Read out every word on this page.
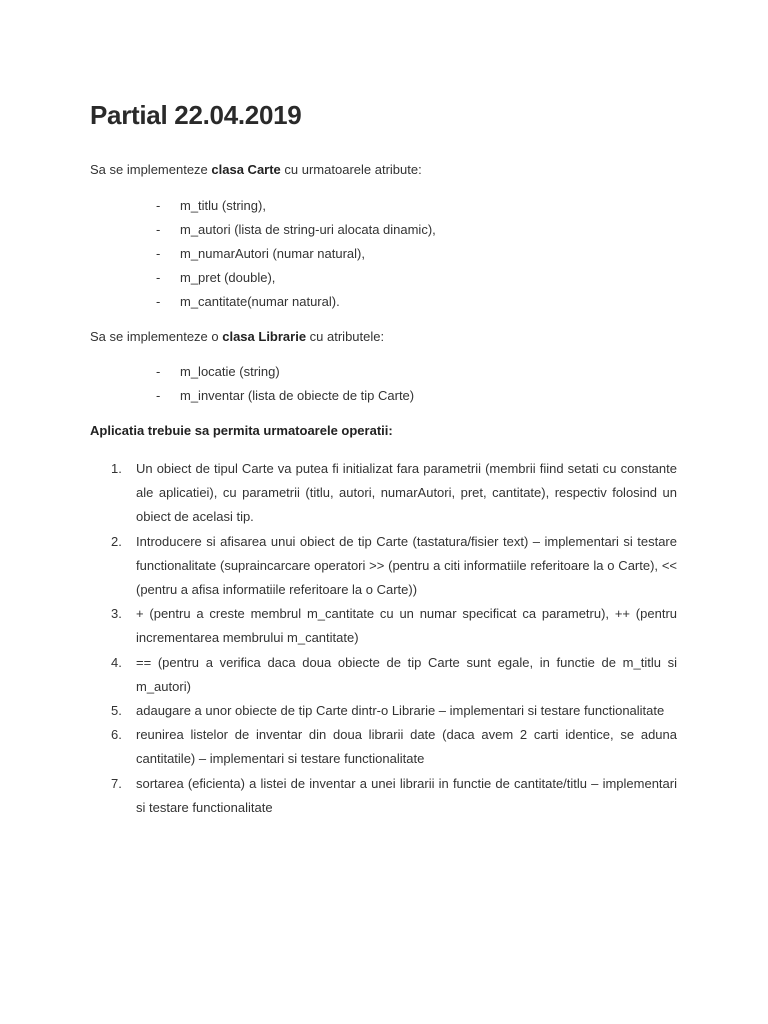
Partial 22.04.2019

Sa se implementeze clasa Carte cu urmatoarele atribute:

- m_titlu (string),
- m_autori (lista de string-uri alocata dinamic),
- m_numarAutori (numar natural),
- m_pret (double),
- m_cantitate(numar natural).

Sa se implementeze o clasa Librarie cu atributele:

- m_locatie (string)
- m_inventar (lista de obiecte de tip Carte)

Aplicatia trebuie sa permita urmatoarele operatii:

1. Un obiect de tipul Carte va putea fi initializat fara parametrii (membrii fiind setati cu constante ale aplicatiei), cu parametrii (titlu, autori, numarAutori, pret, cantitate), respectiv folosind un obiect de acelasi tip.
2. Introducere si afisarea unui obiect de tip Carte (tastatura/fisier text) – implementari si testare functionalitate (supraincarcare operatori >> (pentru a citi informatiile referitoare la o Carte), << (pentru a afisa informatiile referitoare la o Carte))
3. + (pentru a creste membrul m_cantitate cu un numar specificat ca parametru), ++ (pentru incrementarea membrului m_cantitate)
4. == (pentru a verifica daca doua obiecte de tip Carte sunt egale, in functie de m_titlu si m_autori)
5. adaugare a unor obiecte de tip Carte dintr-o Librarie – implementari si testare functionalitate
6. reunirea listelor de inventar din doua librarii date (daca avem 2 carti identice, se aduna cantitatile) – implementari si testare functionalitate
7. sortarea (eficienta) a listei de inventar a unei librarii in functie de cantitate/titlu – implementari si testare functionalitate
